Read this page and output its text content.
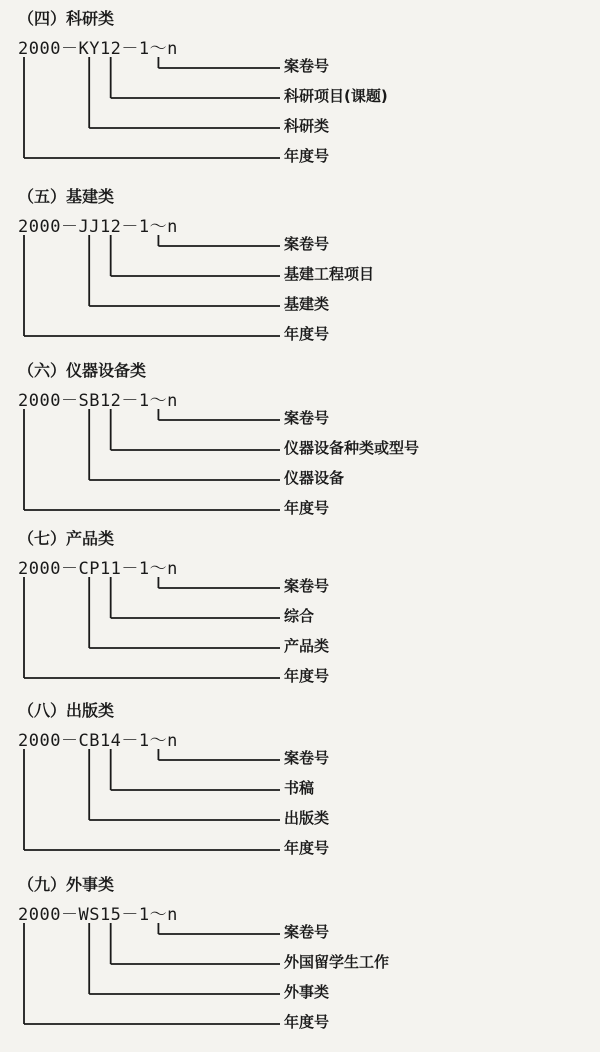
（四）科研类
2000－KY12－1～n
案卷号
科研项目(课题)
科研类
年度号
（五）基建类
2000－JJ12－1～n
案卷号
基建工程项目
基建类
年度号
（六）仪器设备类
2000－SB12－1～n
案卷号
仪器设备种类或型号
仪器设备
年度号
（七）产品类
2000－CP11－1～n
案卷号
综合
产品类
年度号
（八）出版类
2000－CB14－1～n
案卷号
书稿
出版类
年度号
（九）外事类
2000－WS15－1～n
案卷号
外国留学生工作
外事类
年度号
